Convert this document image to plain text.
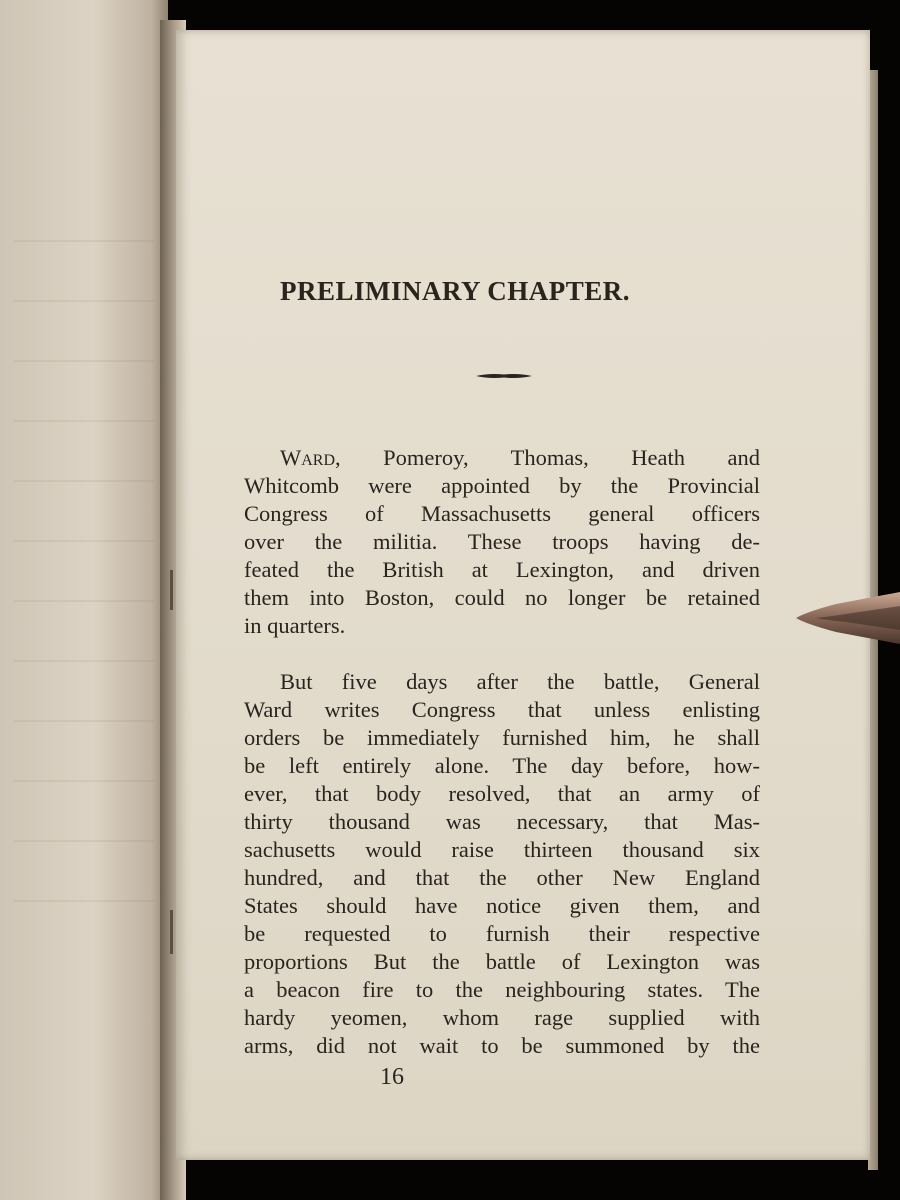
PRELIMINARY CHAPTER.
Ward, Pomeroy, Thomas, Heath and
Whitcomb were appointed by the Provincial
Congress of Massachusetts general officers
over the militia. These troops having de-
feated the British at Lexington, and driven
them into Boston, could no longer be retained
in quarters.
But five days after the battle, General
Ward writes Congress that unless enlisting
orders be immediately furnished him, he shall
be left entirely alone. The day before, how-
ever, that body resolved, that an army of
thirty thousand was necessary, that Mas-
sachusetts would raise thirteen thousand six
hundred, and that the other New England
States should have notice given them, and
be requested to furnish their respective
proportions But the battle of Lexington was
a beacon fire to the neighbouring states. The
hardy yeomen, whom rage supplied with
arms, did not wait to be summoned by the
16
